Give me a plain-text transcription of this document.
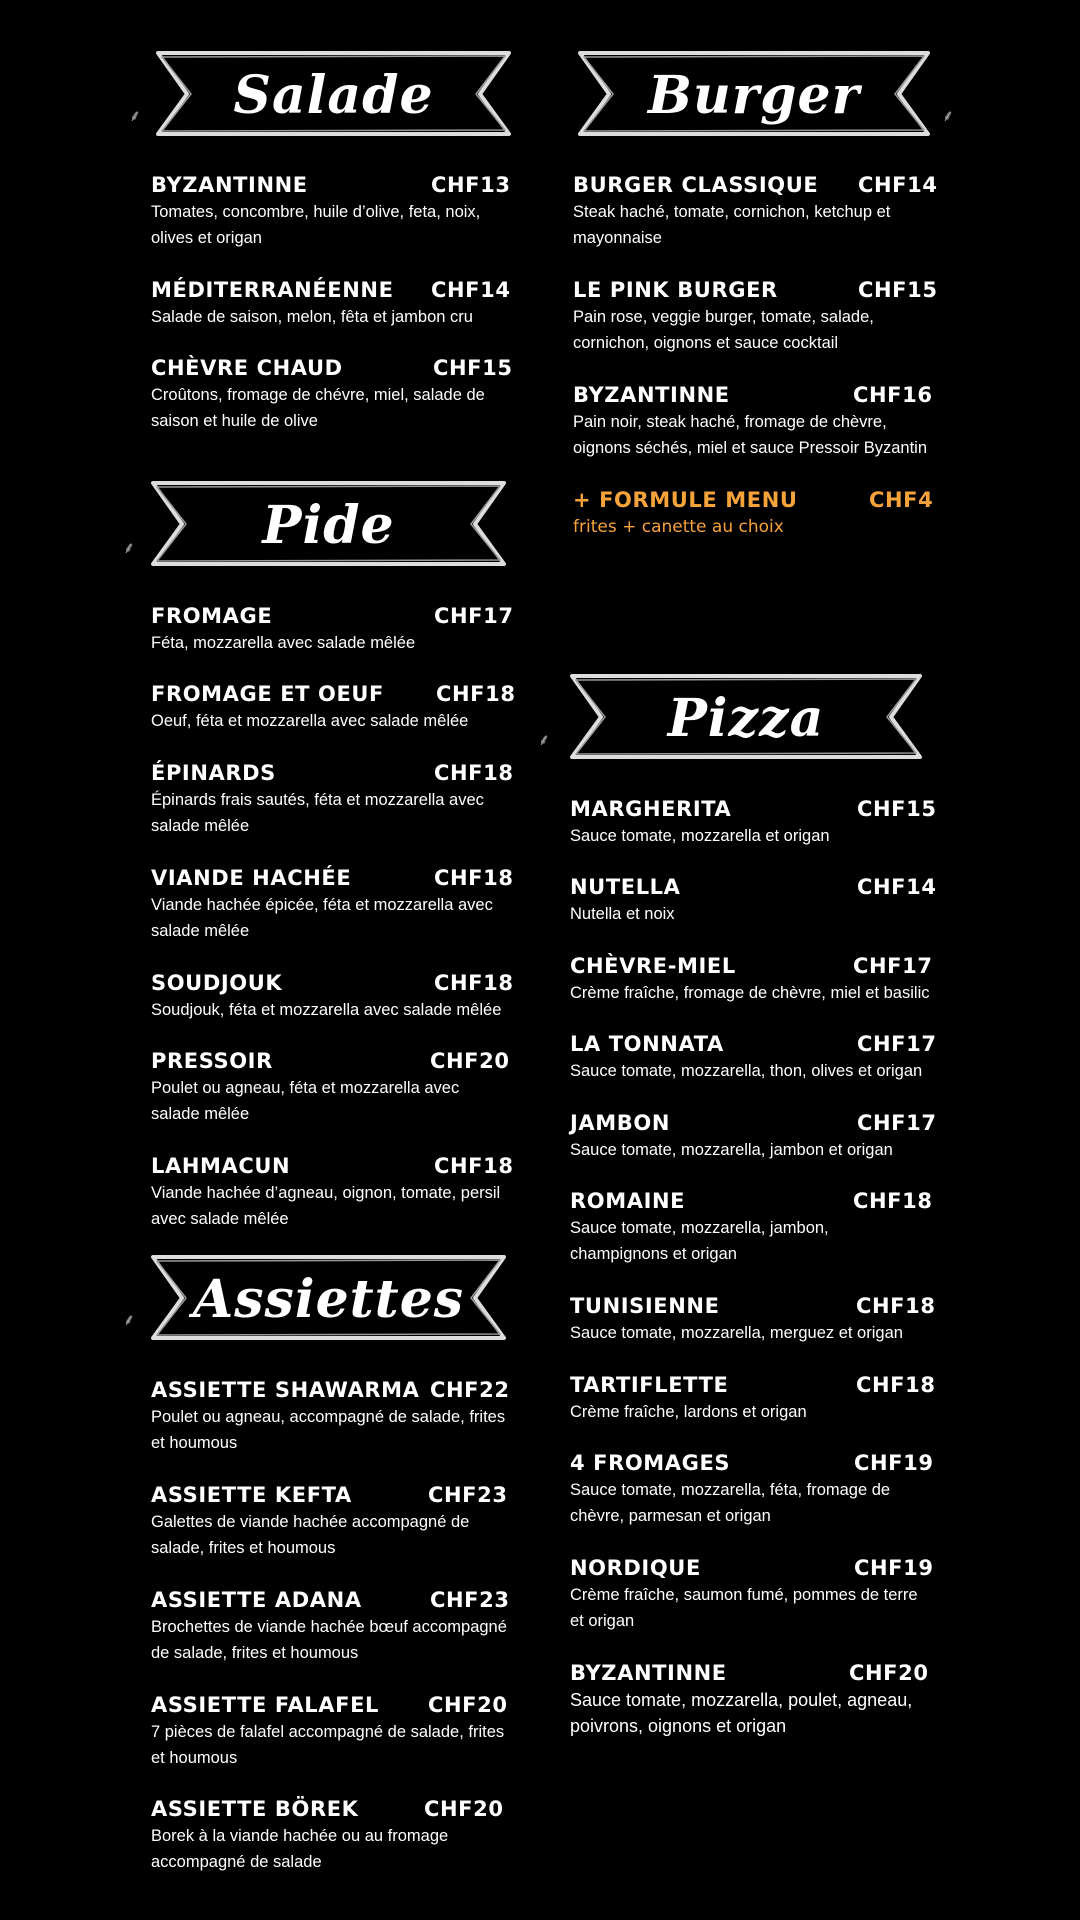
Salade
⸙
BYZANTINNE	CHF13
Tomates, concombre, huile d’olive, feta, noix, olives et origan
MÉDITERRANÉENNE CHF14
Salade de saison, melon, fêta et jambon cru
CHÈVRE CHAUD	CHF15
Croûtons, fromage de chévre, miel, salade de saison et huile de olive
Pide
⸙
FROMAGE	CHF17
Féta, mozzarella avec salade mêlée
FROMAGE ET OEUF CHF18
Oeuf, féta et mozzarella avec salade mêlée
ÉPINARDS	CHF18
Épinards frais sautés, féta et mozzarella avec salade mêlée
VIANDE HACHÉE	CHF18
Viande hachée épicée, féta et mozzarella avec salade mêlée
SOUDJOUK	CHF18
Soudjouk, féta et mozzarella avec salade mêlée
PRESSOIR	CHF20
Poulet ou agneau, féta et mozzarella avec salade mêlée
LAHMACUN	CHF18
Viande hachée d’agneau, oignon, tomate, persil avec salade mêlée
Assiettes
⸙
ASSIETTE SHAWARMA CHF22
Poulet ou agneau, accompagné de salade, frites et houmous
ASSIETTE KEFTA	CHF23
Galettes de viande hachée accompagné de salade, frites et houmous
ASSIETTE ADANA	CHF23
Brochettes de viande hachée bœuf accompagné de salade, frites et houmous
ASSIETTE FALAFEL CHF20
7 pièces de falafel accompagné de salade, frites et houmous
ASSIETTE BÖREK	CHF20
Borek à la viande hachée ou au fromage accompagné de salade
Burger	⸙
BURGER CLASSIQUE CHF14
Steak haché, tomate, cornichon, ketchup et mayonnaise
LE PINK BURGER	CHF15
Pain rose, veggie burger, tomate, salade, cornichon, oignons et sauce cocktail
BYZANTINNE	CHF16
Pain noir, steak haché, fromage de chèvre, oignons séchés, miel et sauce Pressoir Byzantin
+ FORMULE MENU	CHF4
frites + canette au choix
Pizza
⸙
MARGHERITA	CHF15
Sauce tomate, mozzarella et origan
NUTELLA	CHF14
Nutella et noix
CHÈVRE-MIEL	CHF17
Crème fraîche, fromage de chèvre, miel et basilic
LA TONNATA	CHF17
Sauce tomate, mozzarella, thon, olives et origan
JAMBON	CHF17
Sauce tomate, mozzarella, jambon et origan
ROMAINE	CHF18
Sauce tomate, mozzarella, jambon, champignons et origan
TUNISIENNE	CHF18
Sauce tomate, mozzarella, merguez et origan
TARTIFLETTE	CHF18
Crème fraîche, lardons et origan
4 FROMAGES	CHF19
Sauce tomate, mozzarella, féta, fromage de chèvre, parmesan et origan
NORDIQUE	CHF19
Crème fraîche, saumon fumé, pommes de terre et origan
BYZANTINNE	CHF20
Sauce tomate, mozzarella, poulet, agneau, poivrons, oignons et origan
